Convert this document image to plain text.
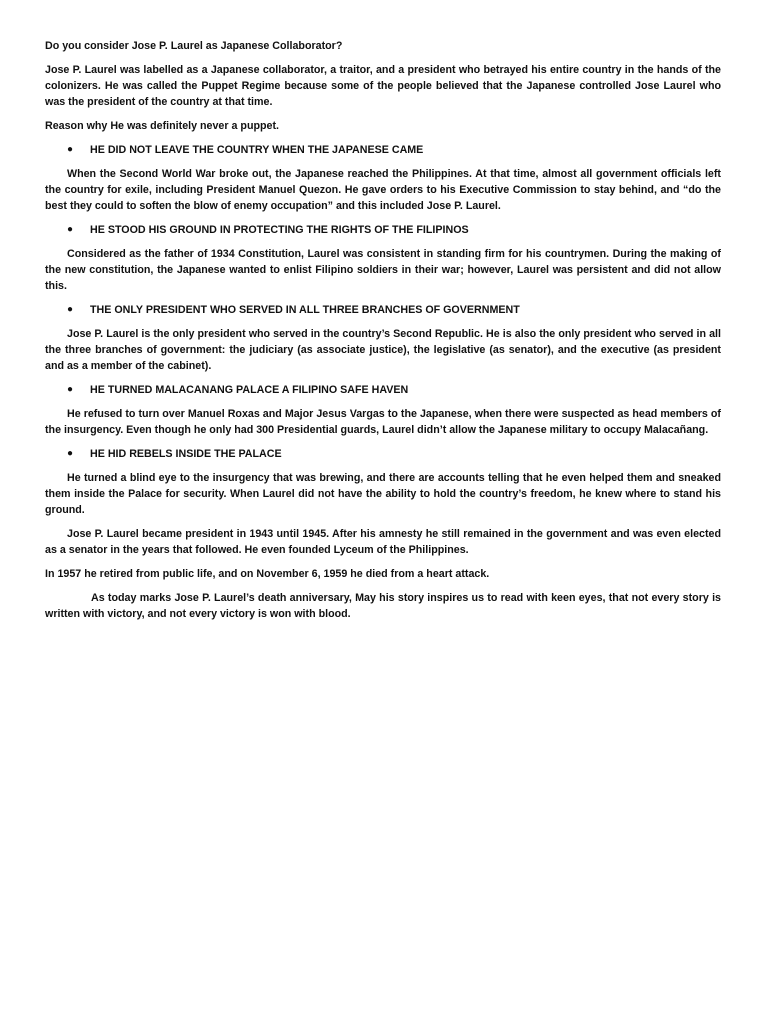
Do you consider Jose P. Laurel as Japanese Collaborator?

Jose P. Laurel was labelled as a Japanese collaborator, a traitor, and a president who betrayed his entire country in the hands of the colonizers. He was called the Puppet Regime because some of the people believed that the Japanese controlled Jose Laurel who was the president of the country at that time.

Reason why He was definitely never a puppet.

● HE DID NOT LEAVE THE COUNTRY WHEN THE JAPANESE CAME

When the Second World War broke out, the Japanese reached the Philippines. At that time, almost all government officials left the country for exile, including President Manuel Quezon. He gave orders to his Executive Commission to stay behind, and “do the best they could to soften the blow of enemy occupation” and this included Jose P. Laurel.

● HE STOOD HIS GROUND IN PROTECTING THE RIGHTS OF THE FILIPINOS

Considered as the father of 1934 Constitution, Laurel was consistent in standing firm for his countrymen. During the making of the new constitution, the Japanese wanted to enlist Filipino soldiers in their war; however, Laurel was persistent and did not allow this.

● THE ONLY PRESIDENT WHO SERVED IN ALL THREE BRANCHES OF GOVERNMENT

Jose P. Laurel is the only president who served in the country’s Second Republic. He is also the only president who served in all the three branches of government: the judiciary (as associate justice), the legislative (as senator), and the executive (as president and as a member of the cabinet).

● HE TURNED MALACANANG PALACE A FILIPINO SAFE HAVEN

He refused to turn over Manuel Roxas and Major Jesus Vargas to the Japanese, when there were suspected as head members of the insurgency. Even though he only had 300 Presidential guards, Laurel didn’t allow the Japanese military to occupy Malacañang.

● HE HID REBELS INSIDE THE PALACE

He turned a blind eye to the insurgency that was brewing, and there are accounts telling that he even helped them and sneaked them inside the Palace for security. When Laurel did not have the ability to hold the country’s freedom, he knew where to stand his ground.

Jose P. Laurel became president in 1943 until 1945. After his amnesty he still remained in the government and was even elected as a senator in the years that followed. He even founded Lyceum of the Philippines.

In 1957 he retired from public life, and on November 6, 1959 he died from a heart attack.

As today marks Jose P. Laurel’s death anniversary, May his story inspires us to read with keen eyes, that not every story is written with victory, and not every victory is won with blood.
